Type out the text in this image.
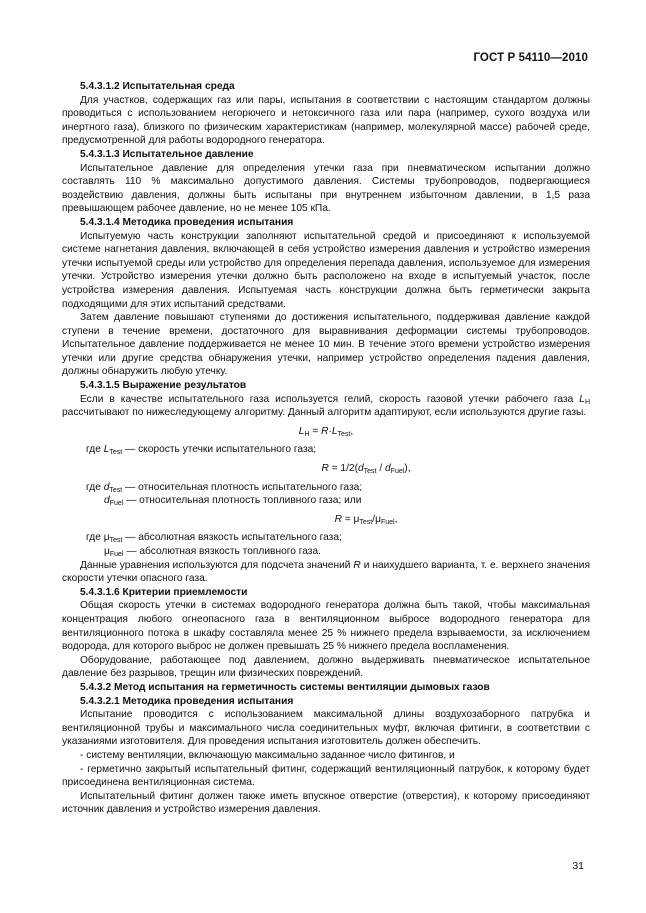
ГОСТ Р 54110—2010

5.4.3.1.2 Испытательная среда

Для участков, содержащих газ или пары, испытания в соответствии с настоящим стандартом должны проводиться с использованием негорючего и нетоксичного газа или пара (например, сухого воздуха или инертного газа), близкого по физическим характеристикам (например, молекулярной массе) рабочей среде, предусмотренной для работы водородного генератора.

5.4.3.1.3 Испытательное давление

Испытательное давление для определения утечки газа при пневматическом испытании должно составлять 110 % максимально допустимого давления. Системы трубопроводов, подвергающиеся воздействию давления, должны быть испытаны при внутреннем избыточном давлении, в 1,5 раза превышающем рабочее давление, но не менее 105 кПа.

5.4.3.1.4 Методика проведения испытания

Испытуемую часть конструкции заполняют испытательной средой и присоединяют к используемой системе нагнетания давления, включающей в себя устройство измерения давления и устройство измерения утечки испытуемой среды или устройство для определения перепада давления, используемое для измерения утечки. Устройство измерения утечки должно быть расположено на входе в испытуемый участок, после устройства измерения давления. Испытуемая часть конструкции должна быть герметически закрыта подходящими для этих испытаний средствами.

Затем давление повышают ступенями до достижения испытательного, поддерживая давление каждой ступени в течение времени, достаточного для выравнивания деформации системы трубопроводов. Испытательное давление поддерживается не менее 10 мин. В течение этого времени устройство измерения утечки или другие средства обнаружения утечки, например устройство определения падения давления, должны обнаружить любую утечку.

5.4.3.1.5 Выражение результатов

Если в качестве испытательного газа используется гелий, скорость газовой утечки рабочего газа $L_H$ рассчитывают по нижеследующему алгоритму. Данный алгоритм адаптируют, если используются другие газы.

$L_H = R\cdot L_{Test}$,

где $L_{Test}$ — скорость утечки испытательного газа;

$R = 1/2(d_{Test} / d_{Fuel})$,

где $d_{Test}$ — относительная плотность испытательного газа;

$d_{Fuel}$ — относительная плотность топливного газа; или

$R = \mu_{Test}/\mu_{Fuel}$,

где $\mu_{Test}$ — абсолютная вязкость испытательного газа;

$\mu_{Fuel}$ — абсолютная вязкость топливного газа.

Данные уравнения используются для подсчета значений R и наихудшего варианта, т. е. верхнего значения скорости утечки опасного газа.

5.4.3.1.6 Критерии приемлемости

Общая скорость утечки в системах водородного генератора должна быть такой, чтобы максимальная концентрация любого огнеопасного газа в вентиляционном выбросе водородного генератора для вентиляционного потока в шкафу составляла менее 25 % нижнего предела взрываемости, за исключением водорода, для которого выброс не должен превышать 25 % нижнего предела воспламенения.

Оборудование, работающее под давлением, должно выдерживать пневматическое испытательное давление без разрывов, трещин или физических повреждений.

5.4.3.2 Метод испытания на герметичность системы вентиляции дымовых газов

5.4.3.2.1 Методика проведения испытания

Испытание проводится с использованием максимальной длины воздухозаборного патрубка и вентиляционной трубы и максимального числа соединительных муфт, включая фитинги, в соответствии с указаниями изготовителя. Для проведения испытания изготовитель должен обеспечить.

- систему вентиляции, включающую максимально заданное число фитингов, и

- герметично закрытый испытательный фитинг, содержащий вентиляционный патрубок, к которому будет присоединена вентиляционная система.

Испытательный фитинг должен также иметь впускное отверстие (отверстия), к которому присоединяют источник давления и устройство измерения давления.

31
